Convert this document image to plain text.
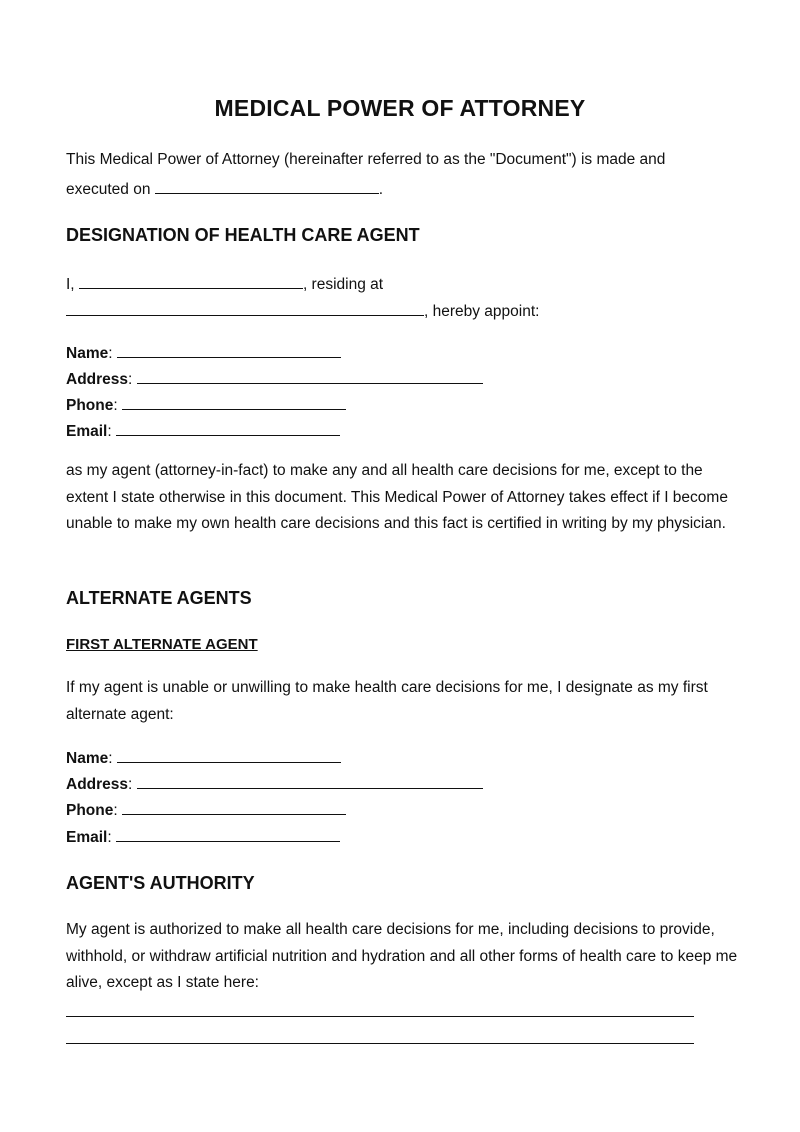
MEDICAL POWER OF ATTORNEY
This Medical Power of Attorney (hereinafter referred to as the "Document") is made and
executed on	.
DESIGNATION OF HEALTH CARE AGENT
I,	, residing at
, hereby appoint:
Name:
Address:
Phone:
Email:
as my agent (attorney-in-fact) to make any and all health care decisions for me, except to the extent I state otherwise in this document. This Medical Power of Attorney takes effect if I become unable to make my own health care decisions and this fact is certified in writing by my physician.
ALTERNATE AGENTS
FIRST ALTERNATE AGENT
If my agent is unable or unwilling to make health care decisions for me, I designate as my first alternate agent:
Name:
Address:
Phone:
Email:
AGENT'S AUTHORITY
My agent is authorized to make all health care decisions for me, including decisions to provide, withhold, or withdraw artificial nutrition and hydration and all other forms of health care to keep me alive, except as I state here:
